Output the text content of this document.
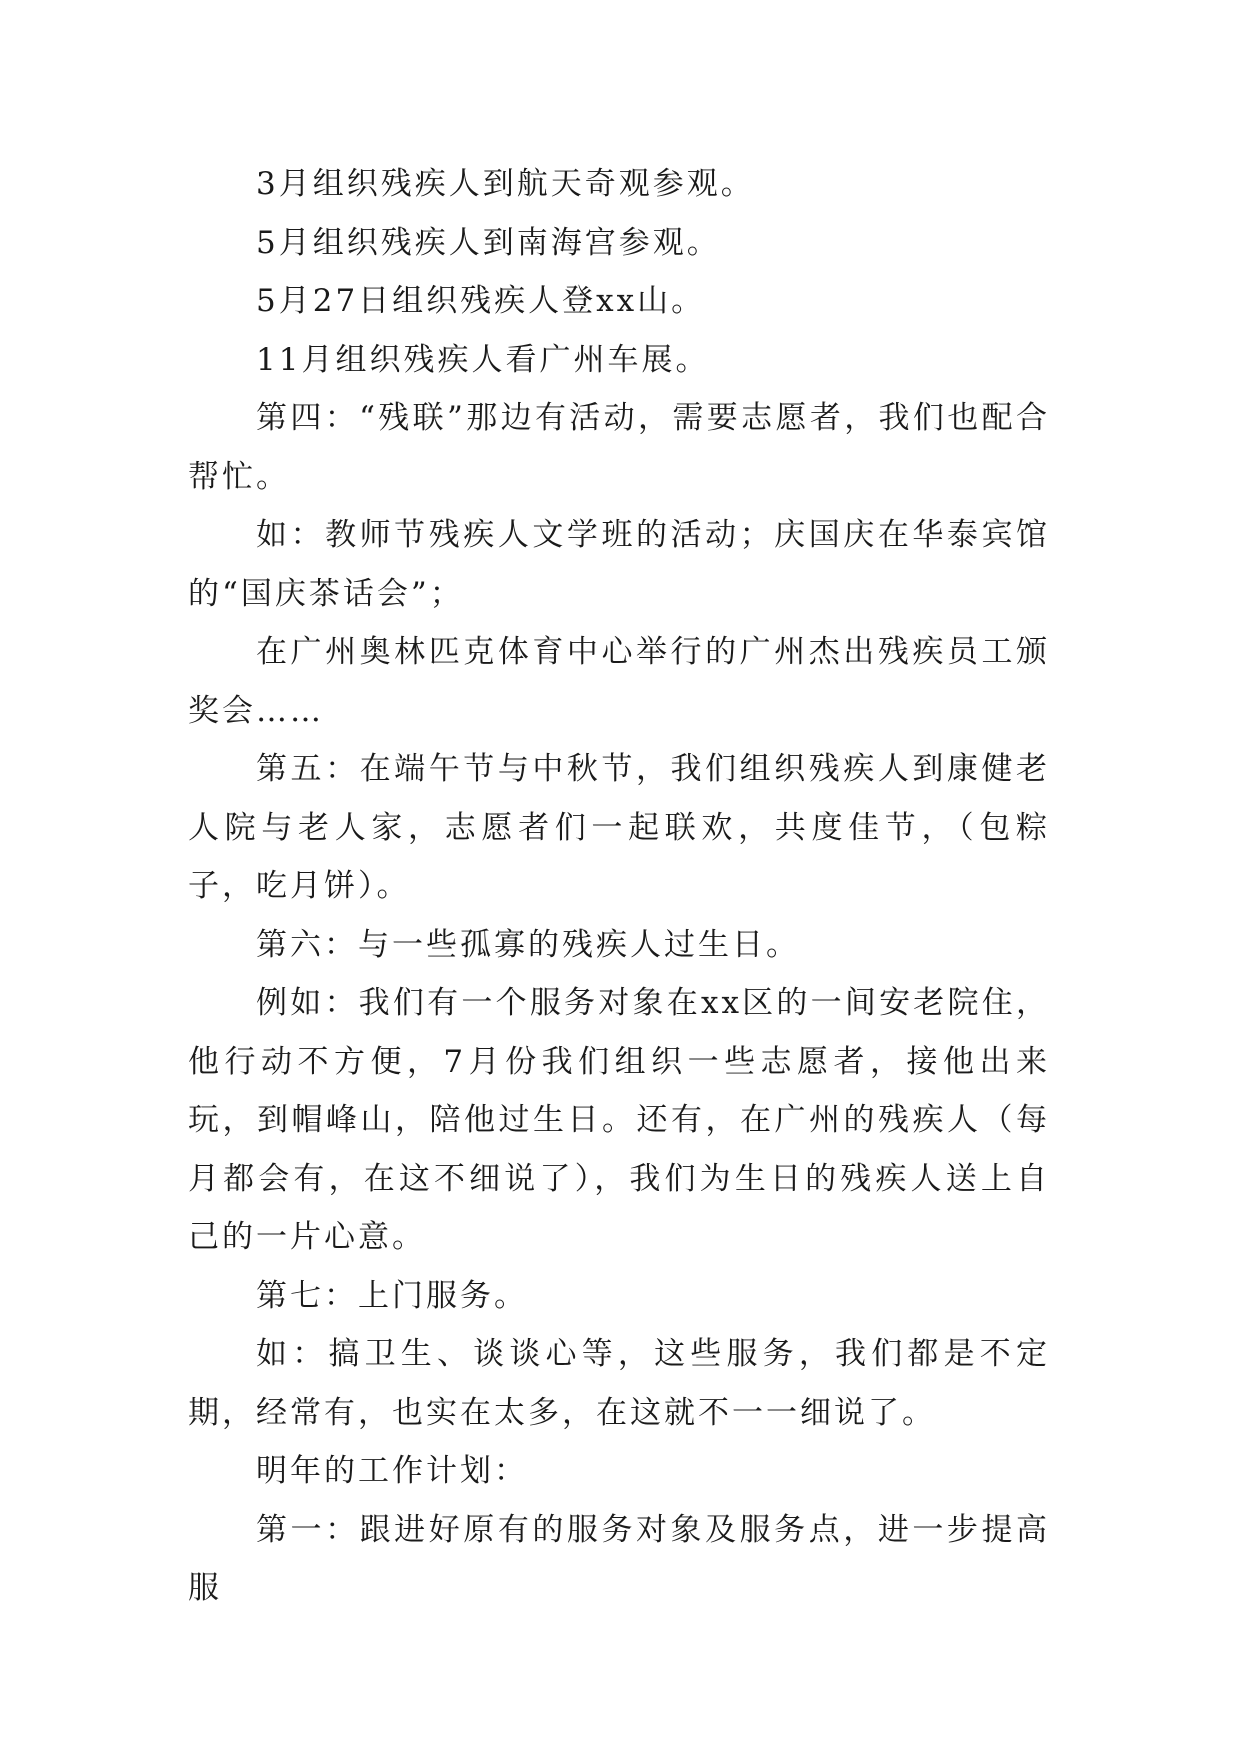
3月组织残疾人到航天奇观参观。

5月组织残疾人到南海宫参观。

5月27日组织残疾人登xx山。

11月组织残疾人看广州车展。

第四：“残联”那边有活动，需要志愿者，我们也配合帮忙。

如：教师节残疾人文学班的活动；庆国庆在华泰宾馆的“国庆茶话会”；

在广州奥林匹克体育中心举行的广州杰出残疾员工颁奖会……

第五：在端午节与中秋节，我们组织残疾人到康健老人院与老人家，志愿者们一起联欢，共度佳节，（包粽子，吃月饼）。

第六：与一些孤寡的残疾人过生日。

例如：我们有一个服务对象在xx区的一间安老院住，他行动不方便，7月份我们组织一些志愿者，接他出来玩，到帽峰山，陪他过生日。还有，在广州的残疾人（每月都会有，在这不细说了），我们为生日的残疾人送上自己的一片心意。

第七：上门服务。

如：搞卫生、谈谈心等，这些服务，我们都是不定期，经常有，也实在太多，在这就不一一细说了。

明年的工作计划：

第一：跟进好原有的服务对象及服务点，进一步提高服
